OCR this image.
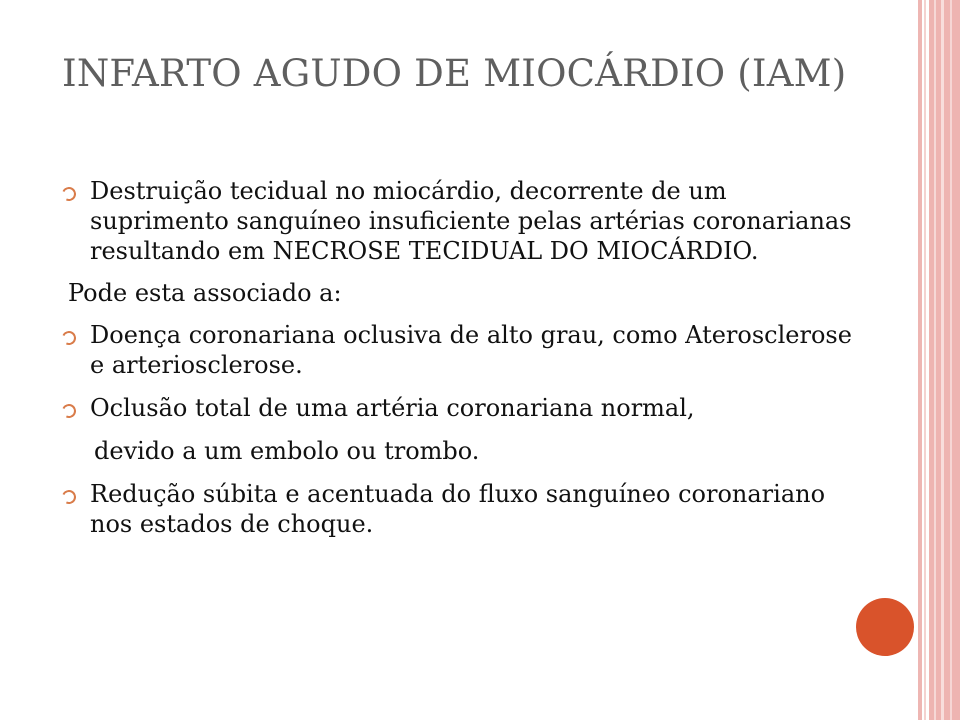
INFARTO AGUDO DE MIOCÁRDIO (IAM)

Destruição tecidual no miocárdio, decorrente de um suprimento sanguíneo insuficiente pelas artérias coronarianas resultando em NECROSE TECIDUAL DO MIOCÁRDIO.

Pode esta associado a:

Doença coronariana oclusiva de alto grau, como Aterosclerose e arteriosclerose.

Oclusão total de uma artéria coronariana normal,

devido a um embolo ou trombo.

Redução súbita e acentuada do fluxo sanguíneo coronariano nos estados de choque.
